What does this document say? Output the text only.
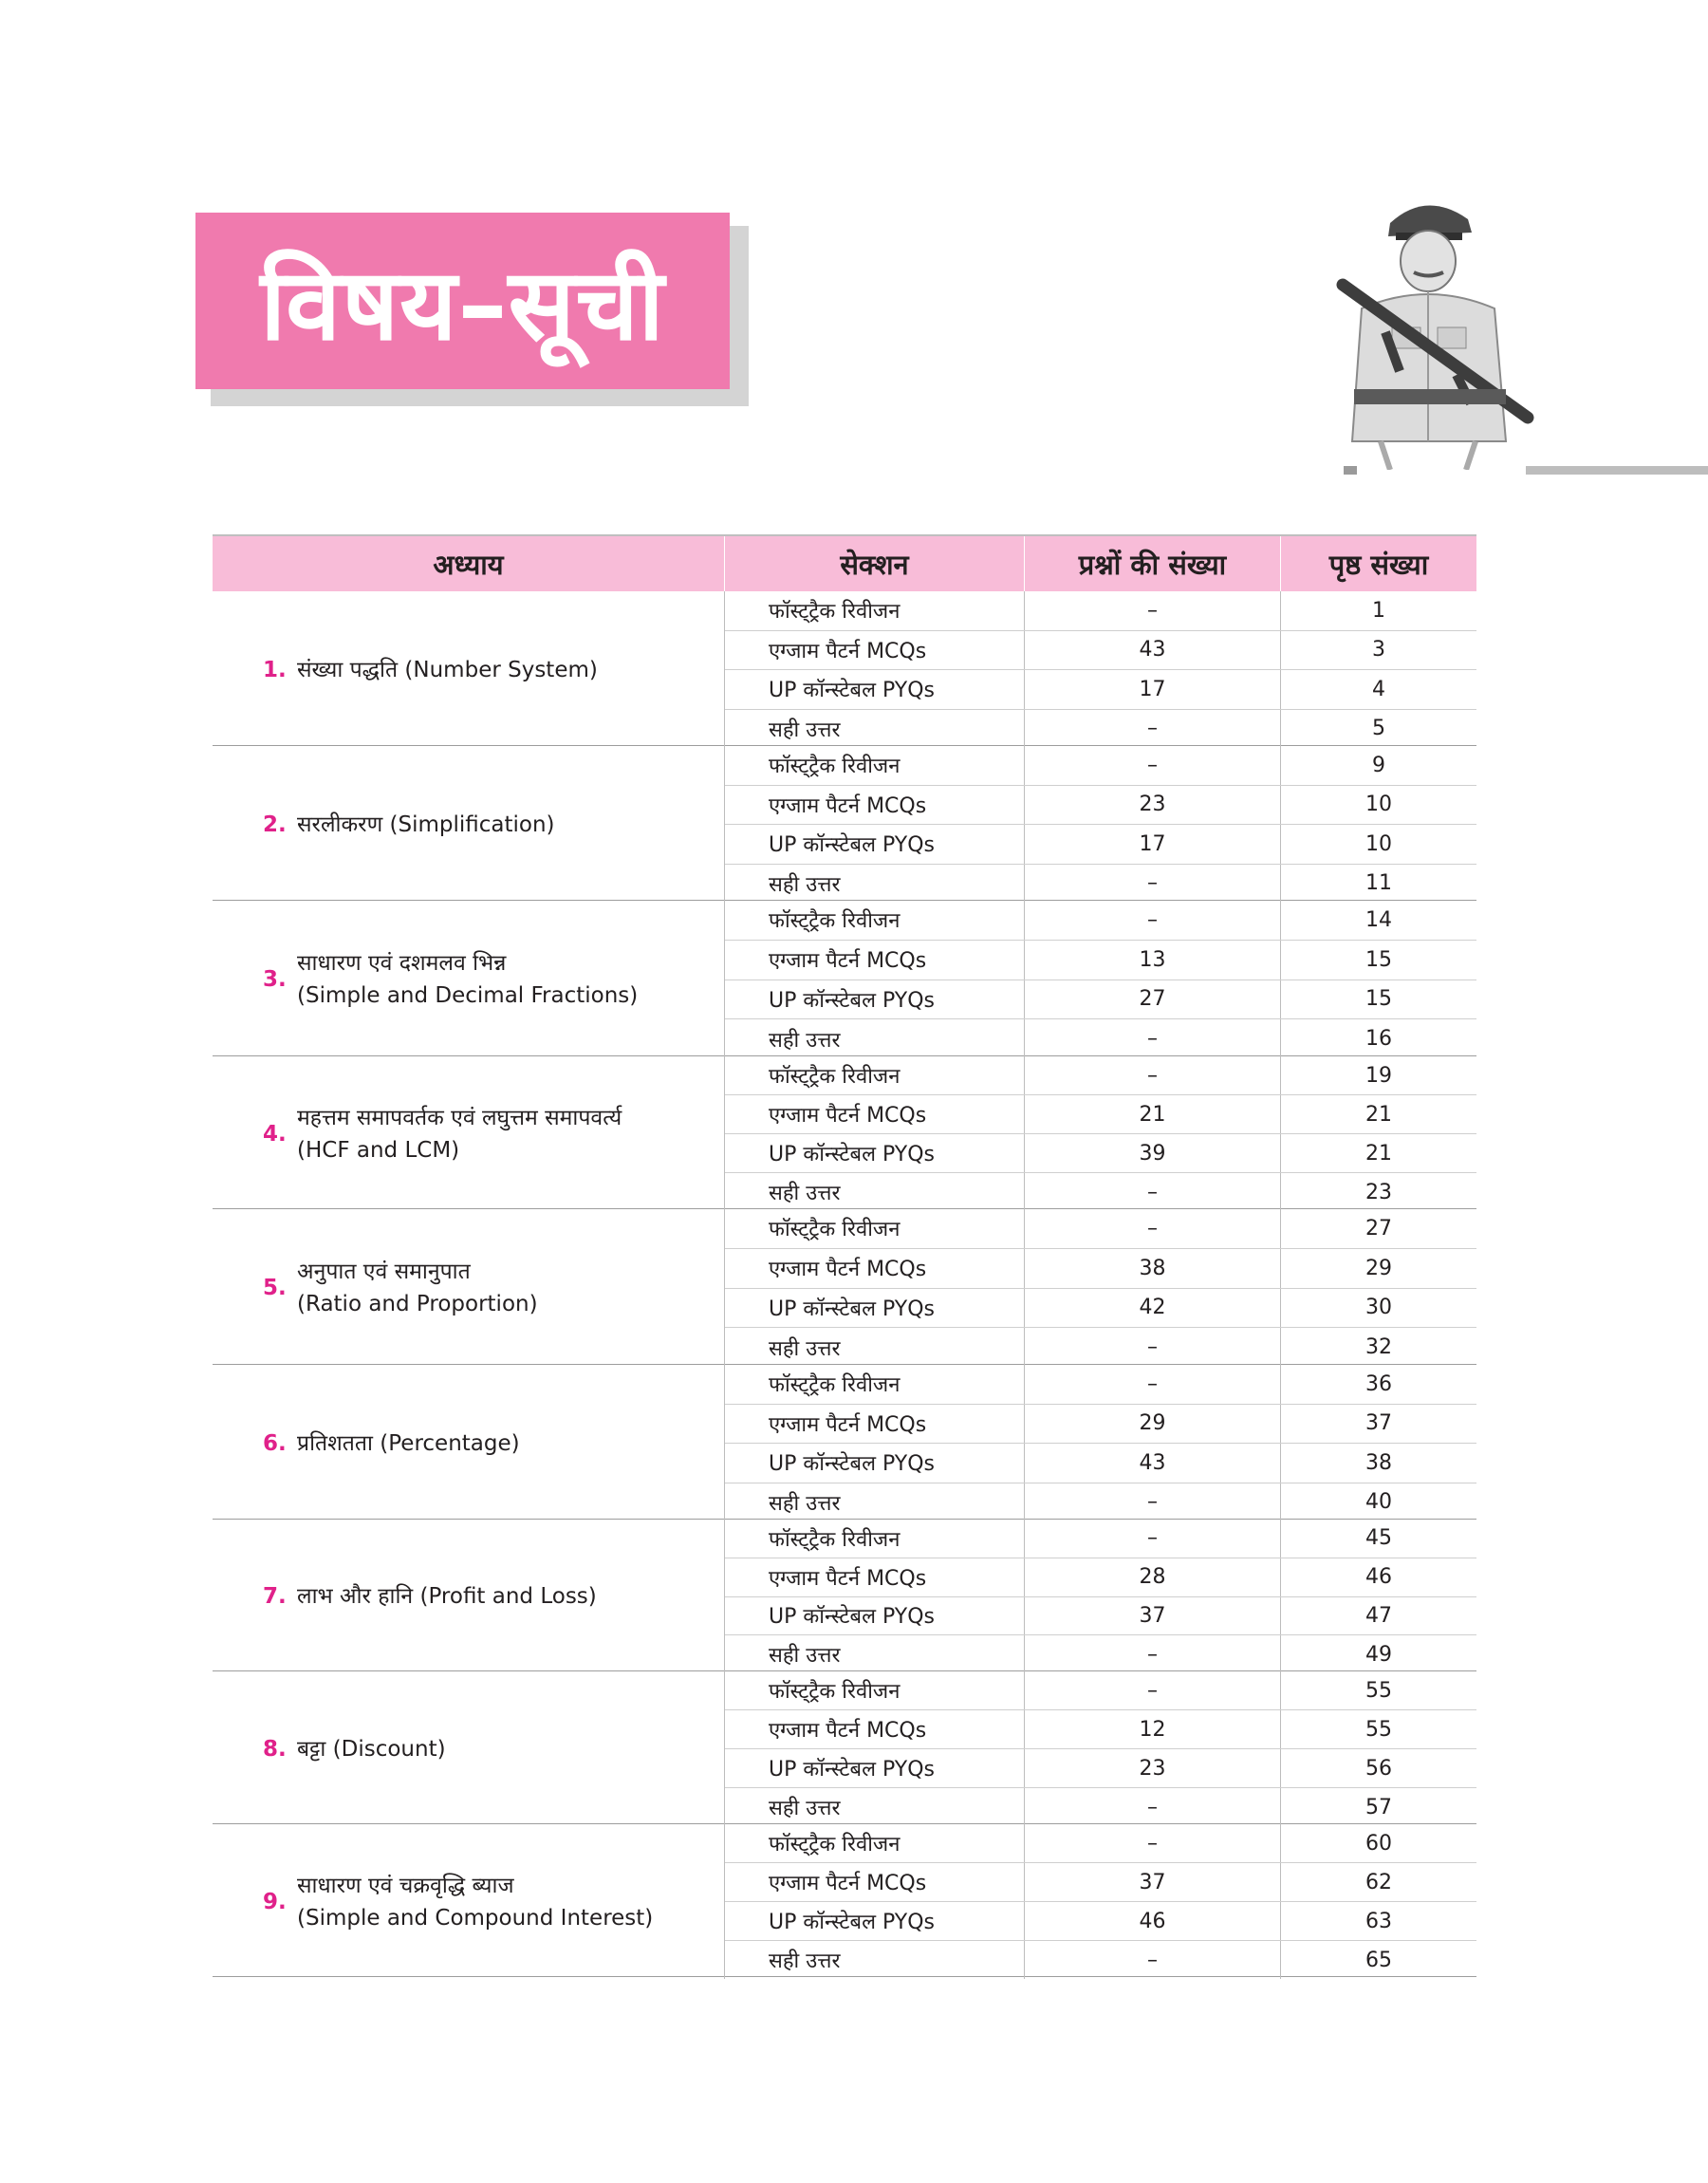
विषय–सूची
अध्याय	सेक्शन	प्रश्नों की संख्या	पृष्ठ संख्या
1. संख्या पद्धति (Number System)
फॉस्ट्ट्रैक रिवीजन	–	1
एग्जाम पैटर्न MCQs	43	3
UP कॉन्स्टेबल PYQs	17	4
सही उत्तर	–	5
2. सरलीकरण (Simplification)
फॉस्ट्ट्रैक रिवीजन	–	9
एग्जाम पैटर्न MCQs	23	10
UP कॉन्स्टेबल PYQs	17	10
सही उत्तर	–	11
3.
साधारण एवं दशमलव भिन्न
(Simple and Decimal Fractions)
फॉस्ट्ट्रैक रिवीजन	–	14
एग्जाम पैटर्न MCQs	13	15
UP कॉन्स्टेबल PYQs	27	15
सही उत्तर	–	16
4.
महत्तम समापवर्तक एवं लघुत्तम समापवर्त्य
(HCF and LCM)
फॉस्ट्ट्रैक रिवीजन	–	19
एग्जाम पैटर्न MCQs	21	21
UP कॉन्स्टेबल PYQs	39	21
सही उत्तर	–	23
5.
अनुपात एवं समानुपात
(Ratio and Proportion)
फॉस्ट्ट्रैक रिवीजन	–	27
एग्जाम पैटर्न MCQs	38	29
UP कॉन्स्टेबल PYQs	42	30
सही उत्तर	–	32
6. प्रतिशतता (Percentage)
फॉस्ट्ट्रैक रिवीजन	–	36
एग्जाम पैटर्न MCQs	29	37
UP कॉन्स्टेबल PYQs	43	38
सही उत्तर	–	40
7. लाभ और हानि (Profit and Loss)
फॉस्ट्ट्रैक रिवीजन	–	45
एग्जाम पैटर्न MCQs	28	46
UP कॉन्स्टेबल PYQs	37	47
सही उत्तर	–	49
8. बट्टा (Discount)
फॉस्ट्ट्रैक रिवीजन	–	55
एग्जाम पैटर्न MCQs	12	55
UP कॉन्स्टेबल PYQs	23	56
सही उत्तर	–	57
9.
साधारण एवं चक्रवृद्धि ब्याज
(Simple and Compound Interest)
फॉस्ट्ट्रैक रिवीजन	–	60
एग्जाम पैटर्न MCQs	37	62
UP कॉन्स्टेबल PYQs	46	63
सही उत्तर	–	65
